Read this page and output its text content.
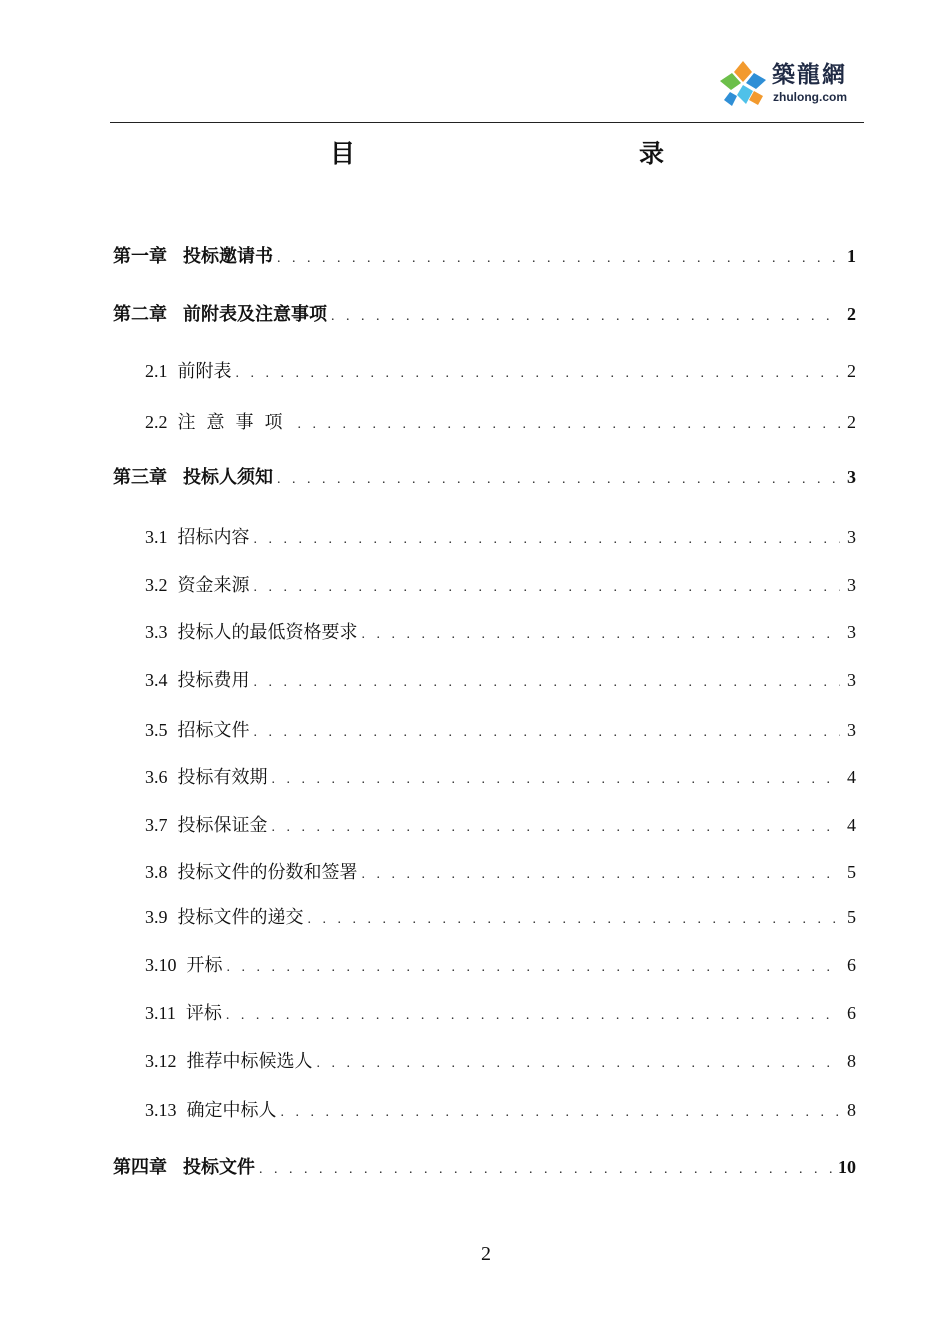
築龍網
zhulong.com
目	录
第一章 投标邀请书 . . .	1
第二章 前附表及注意事项 . . .	2
2.1 前附表 . . .	2
2.2 注意事项 . . .	2
第三章 投标人须知 . . .	3
3.1 招标内容 . . .	3
3.2 资金来源 . . .	3
3.3 投标人的最低资格要求 . . .	3
3.4 投标费用 . . .	3
3.5 招标文件 . . .	3
3.6 投标有效期 . . .	4
3.7 投标保证金 . . .	4
3.8 投标文件的份数和签署 . . .	5
3.9 投标文件的递交 . . .	5
3.10 开标 . . .	6
3.11 评标 . . .	6
3.12 推荐中标候选人 . . .	8
3.13 确定中标人 . . .	8
第四章 投标文件 . . .	10
2
